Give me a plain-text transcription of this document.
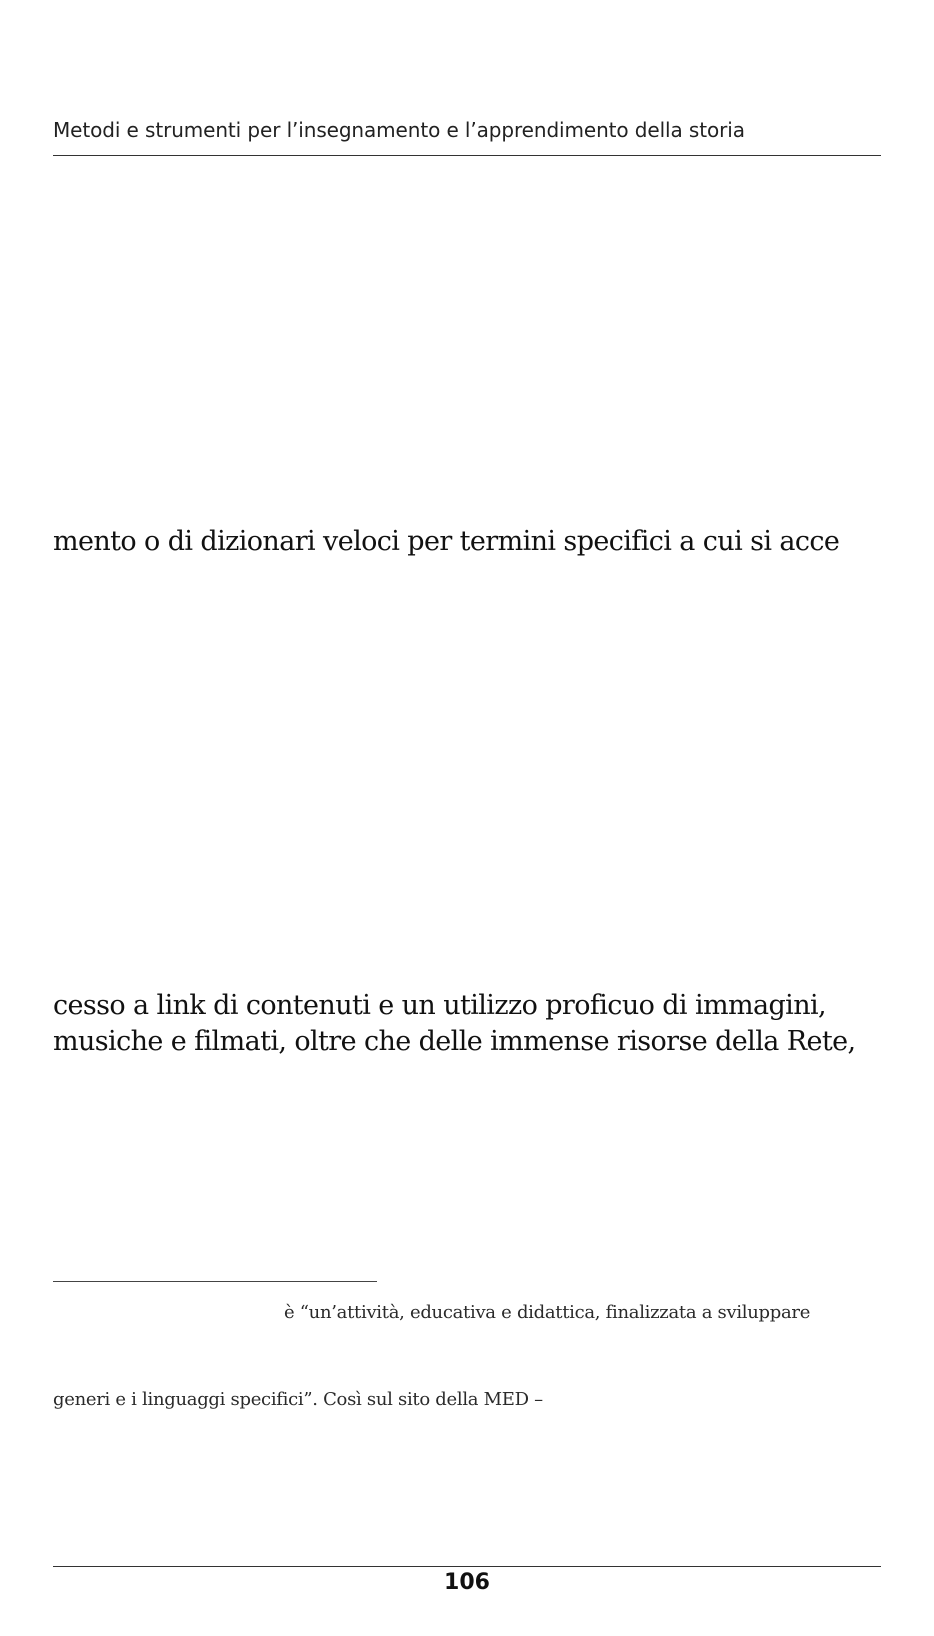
Metodi e strumenti per l’insegnamento e l’apprendimento della storia
mento o di dizionari veloci per termini specifici a cui si acce
cesso a link di contenuti e un utilizzo proficuo di immagini,
musiche e filmati, oltre che delle immense risorse della Rete,
è “un’attività, educativa e didattica, finalizzata a sviluppare
generi e i linguaggi specifici”. Così sul sito della MED –
106
